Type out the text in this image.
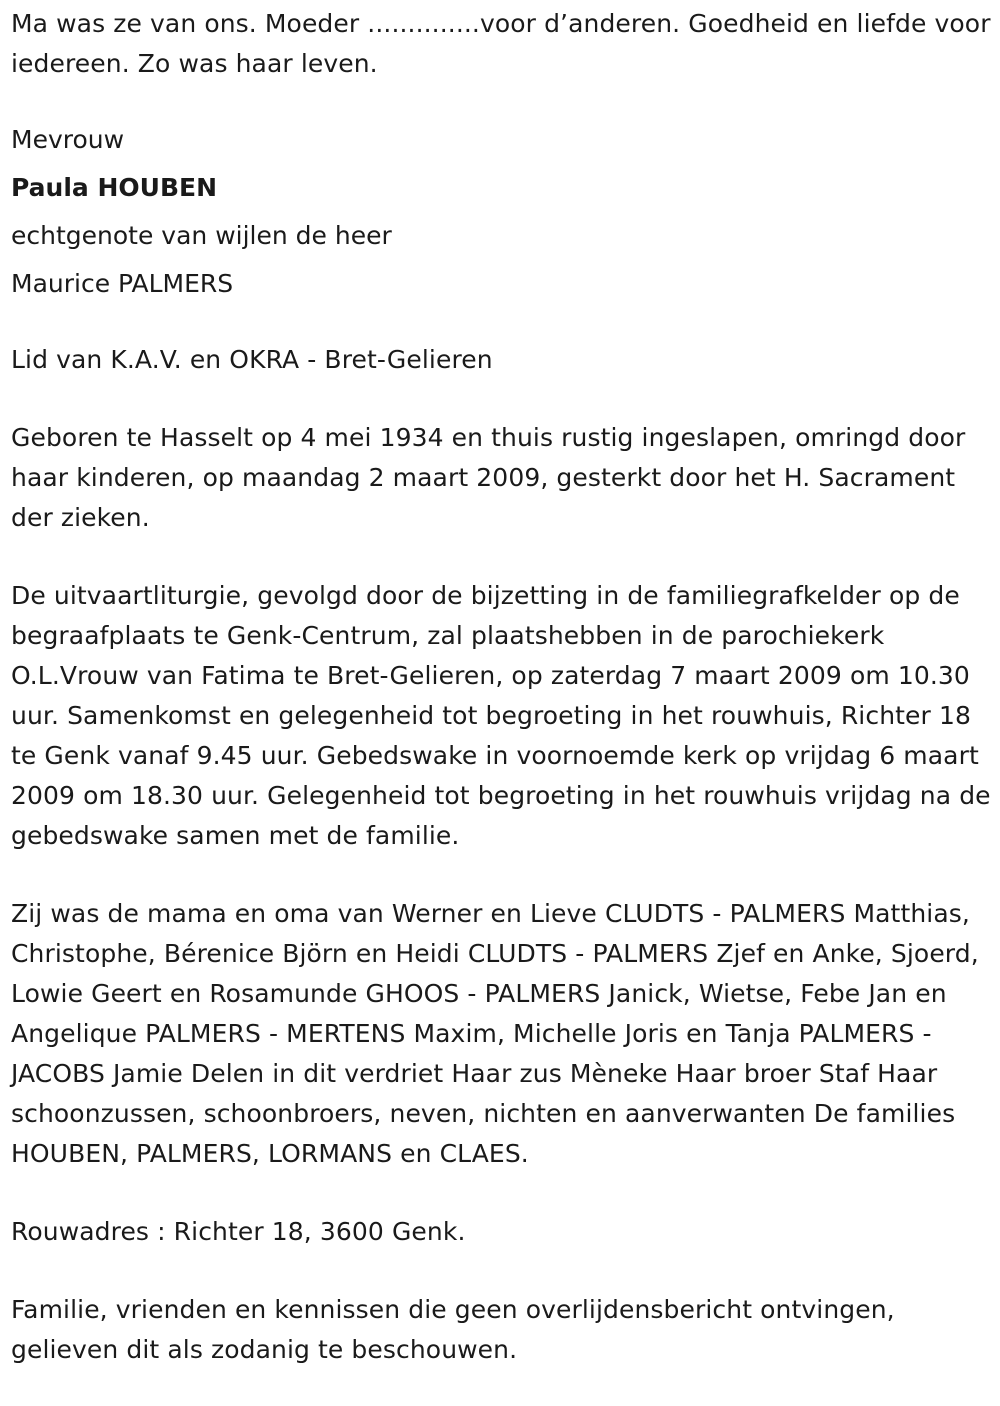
Ma was ze van ons. Moeder ..............voor d’anderen. Goedheid en liefde voor iedereen. Zo was haar leven.

Mevrouw

Paula HOUBEN

echtgenote van wijlen de heer

Maurice PALMERS

Lid van K.A.V. en OKRA - Bret-Gelieren

Geboren te Hasselt op 4 mei 1934 en thuis rustig ingeslapen, omringd door haar kinderen, op maandag 2 maart 2009, gesterkt door het H. Sacrament der zieken.

De uitvaartliturgie, gevolgd door de bijzetting in de familiegrafkelder op de begraafplaats te Genk-Centrum, zal plaatshebben in de parochiekerk O.L.Vrouw van Fatima te Bret-Gelieren, op zaterdag 7 maart 2009 om 10.30 uur. Samenkomst en gelegenheid tot begroeting in het rouwhuis, Richter 18 te Genk vanaf 9.45 uur. Gebedswake in voornoemde kerk op vrijdag 6 maart 2009 om 18.30 uur. Gelegenheid tot begroeting in het rouwhuis vrijdag na de gebedswake samen met de familie.

Zij was de mama en oma van Werner en Lieve CLUDTS - PALMERS Matthias, Christophe, Bérenice Björn en Heidi CLUDTS - PALMERS Zjef en Anke, Sjoerd, Lowie Geert en Rosamunde GHOOS - PALMERS Janick, Wietse, Febe Jan en Angelique PALMERS - MERTENS Maxim, Michelle Joris en Tanja PALMERS - JACOBS Jamie Delen in dit verdriet Haar zus Mèneke Haar broer Staf Haar schoonzussen, schoonbroers, neven, nichten en aanverwanten De families HOUBEN, PALMERS, LORMANS en CLAES.

Rouwadres : Richter 18, 3600 Genk.

Familie, vrienden en kennissen die geen overlijdensbericht ontvingen, gelieven dit als zodanig te beschouwen.
